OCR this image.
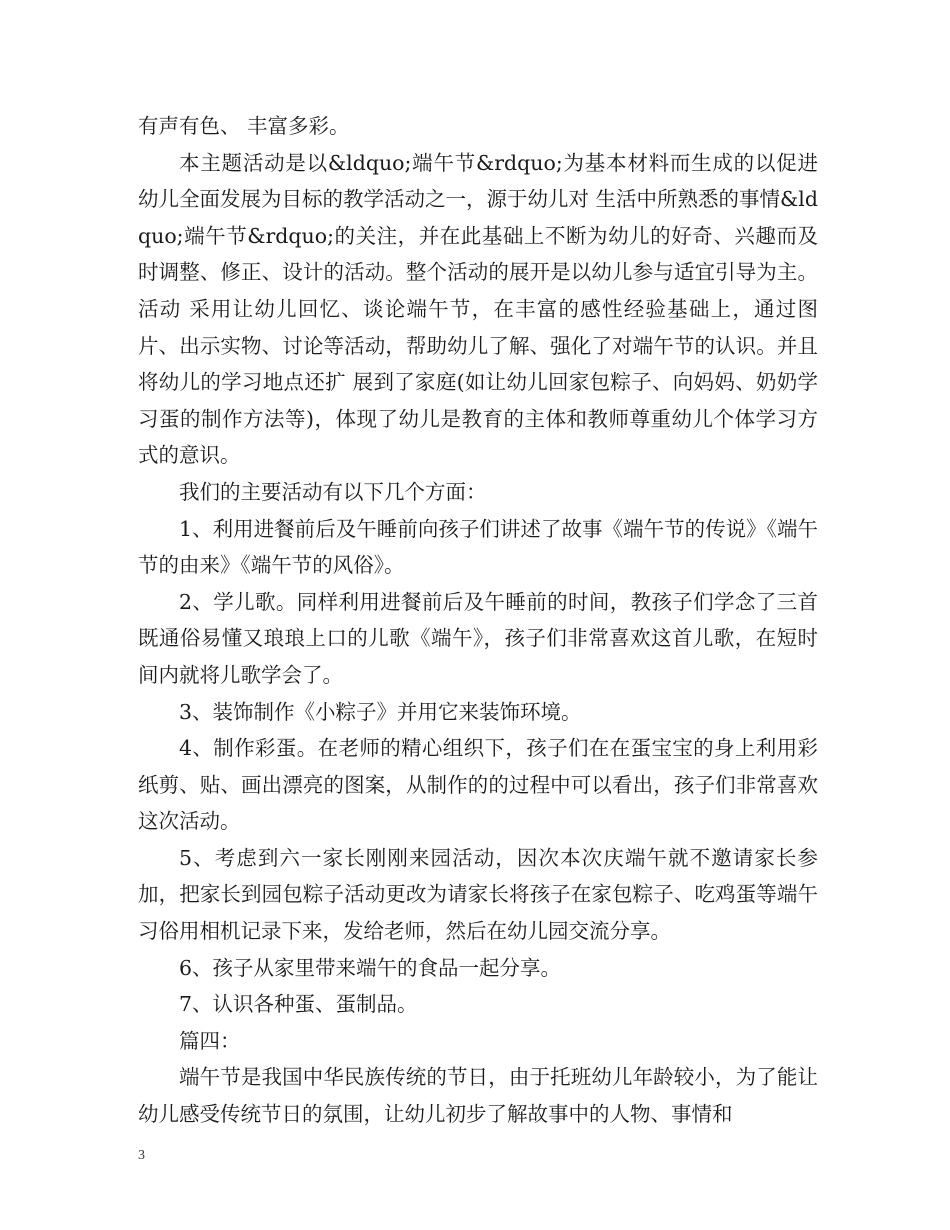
有声有色、 丰富多彩。

本主题活动是以&ldquo;端午节&rdquo;为基本材料而生成的以促进幼儿全面发展为目标的教学活动之一，源于幼儿对 生活中所熟悉的事情&ldquo;端午节&rdquo;的关注，并在此基础上不断为幼儿的好奇、兴趣而及时调整、修正、设计的活动。整个活动的展开是以幼儿参与适宜引导为主。活动 采用让幼儿回忆、谈论端午节，在丰富的感性经验基础上，通过图片、出示实物、讨论等活动，帮助幼儿了解、强化了对端午节的认识。并且将幼儿的学习地点还扩 展到了家庭(如让幼儿回家包粽子、向妈妈、奶奶学习蛋的制作方法等)，体现了幼儿是教育的主体和教师尊重幼儿个体学习方式的意识。

我们的主要活动有以下几个方面：

1、利用进餐前后及午睡前向孩子们讲述了故事《端午节的传说》《端午节的由来》《端午节的风俗》。

2、学儿歌。同样利用进餐前后及午睡前的时间，教孩子们学念了三首既通俗易懂又琅琅上口的儿歌《端午》，孩子们非常喜欢这首儿歌，在短时间内就将儿歌学会了。

3、装饰制作《小粽子》并用它来装饰环境。

4、制作彩蛋。在老师的精心组织下，孩子们在在蛋宝宝的身上利用彩纸剪、贴、画出漂亮的图案，从制作的的过程中可以看出，孩子们非常喜欢这次活动。

5、考虑到六一家长刚刚来园活动，因次本次庆端午就不邀请家长参加，把家长到园包粽子活动更改为请家长将孩子在家包粽子、吃鸡蛋等端午习俗用相机记录下来，发给老师，然后在幼儿园交流分享。

6、孩子从家里带来端午的食品一起分享。

7、认识各种蛋、蛋制品。

篇四：

端午节是我国中华民族传统的节日，由于托班幼儿年龄较小，为了能让幼儿感受传统节日的氛围，让幼儿初步了解故事中的人物、事情和

3
